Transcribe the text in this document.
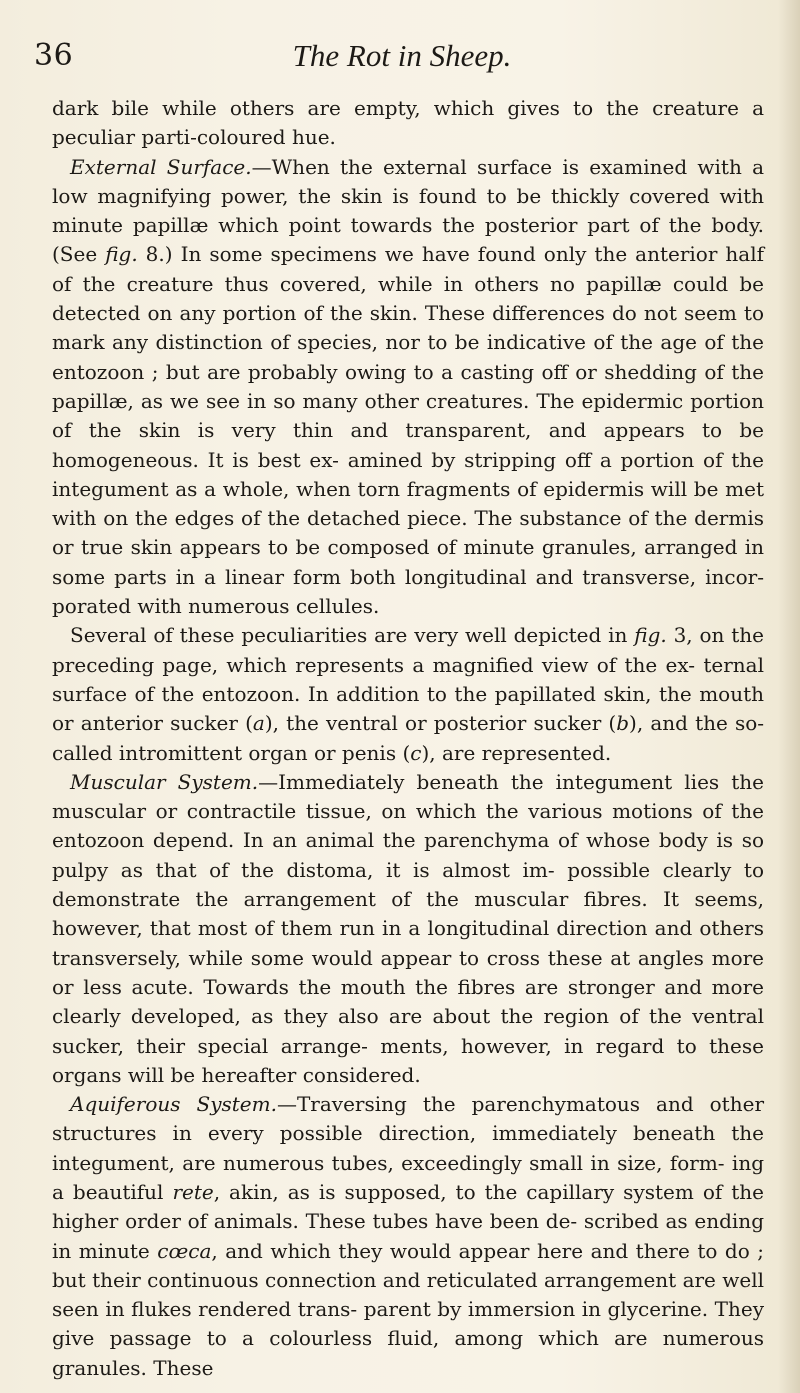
36	The Rot in Sheep.

dark bile while others are empty, which gives to the creature a peculiar parti-coloured hue.

External Surface.—When the external surface is examined with a low magnifying power, the skin is found to be thickly covered with minute papillæ which point towards the posterior part of the body. (See fig. 8.) In some specimens we have found only the anterior half of the creature thus covered, while in others no papillæ could be detected on any portion of the skin. These differences do not seem to mark any distinction of species, nor to be indicative of the age of the entozoon ; but are probably owing to a casting off or shedding of the papillæ, as we see in so many other creatures. The epidermic portion of the skin is very thin and transparent, and appears to be homogeneous. It is best ex- amined by stripping off a portion of the integument as a whole, when torn fragments of epidermis will be met with on the edges of the detached piece. The substance of the dermis or true skin appears to be composed of minute granules, arranged in some parts in a linear form both longitudinal and transverse, incor- porated with numerous cellules.

Several of these peculiarities are very well depicted in fig. 3, on the preceding page, which represents a magnified view of the ex- ternal surface of the entozoon. In addition to the papillated skin, the mouth or anterior sucker (a), the ventral or posterior sucker (b), and the so-called intromittent organ or penis (c), are represented.

Muscular System.—Immediately beneath the integument lies the muscular or contractile tissue, on which the various motions of the entozoon depend. In an animal the parenchyma of whose body is so pulpy as that of the distoma, it is almost im- possible clearly to demonstrate the arrangement of the muscular fibres. It seems, however, that most of them run in a longitudinal direction and others transversely, while some would appear to cross these at angles more or less acute. Towards the mouth the fibres are stronger and more clearly developed, as they also are about the region of the ventral sucker, their special arrange- ments, however, in regard to these organs will be hereafter considered.

Aquiferous System.—Traversing the parenchymatous and other structures in every possible direction, immediately beneath the integument, are numerous tubes, exceedingly small in size, form- ing a beautiful rete, akin, as is supposed, to the capillary system of the higher order of animals. These tubes have been de- scribed as ending in minute cœca, and which they would appear here and there to do ; but their continuous connection and reticulated arrangement are well seen in flukes rendered trans- parent by immersion in glycerine. They give passage to a colourless fluid, among which are numerous granules. These
